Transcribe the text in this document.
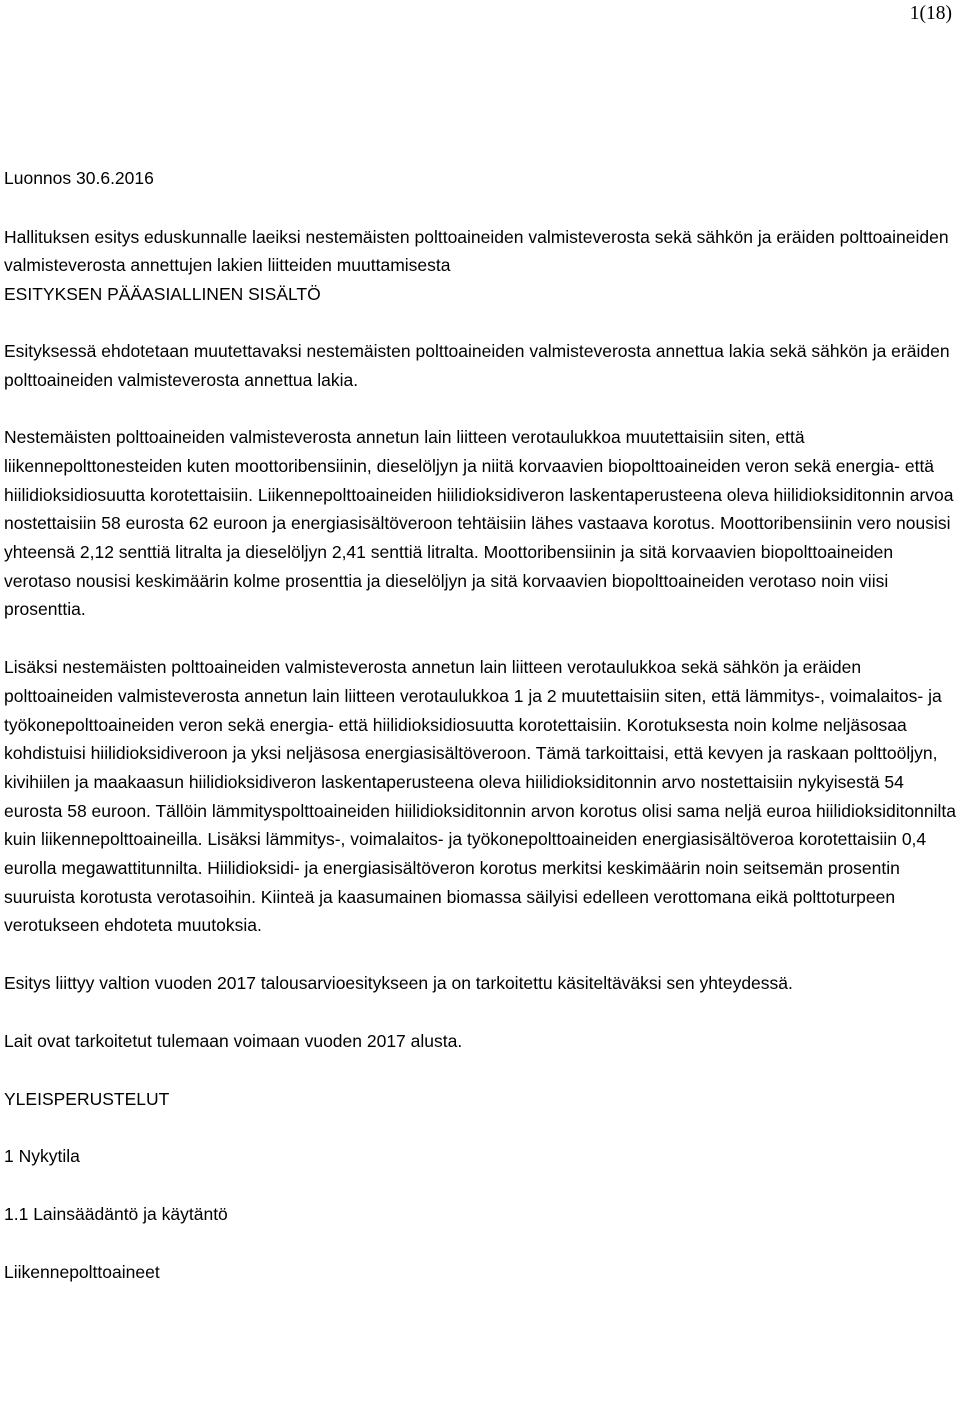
1(18)

Luonnos 30.6.2016

Hallituksen esitys eduskunnalle laeiksi nestemäisten polttoaineiden valmisteverosta sekä sähkön ja eräiden polttoaineiden valmisteverosta annettujen lakien liitteiden muuttamisesta

ESITYKSEN PÄÄASIALLINEN SISÄLTÖ

Esityksessä ehdotetaan muutettavaksi nestemäisten polttoaineiden valmisteverosta annettua lakia sekä sähkön ja eräiden polttoaineiden valmisteverosta annettua lakia.

Nestemäisten polttoaineiden valmisteverosta annetun lain liitteen verotaulukkoa muutettaisiin siten, että liikennepolttonesteiden kuten moottoribensiinin, dieselöljyn ja niitä korvaavien biopolttoaineiden veron sekä energia- että hiilidioksidiosuutta korotettaisiin. Liikennepolttoaineiden hiilidioksidiveron laskentaperusteena oleva hiilidioksiditonnin arvoa nostettaisiin 58 eurosta 62 euroon ja energiasisältöveroon tehtäisiin lähes vastaava korotus. Moottoribensiinin vero nousisi yhteensä 2,12 senttiä litralta ja dieselöljyn 2,41 senttiä litralta. Moottoribensiinin ja sitä korvaavien biopolttoaineiden verotaso nousisi keskimäärin kolme prosenttia ja dieselöljyn ja sitä korvaavien biopolttoaineiden verotaso noin viisi prosenttia.

Lisäksi nestemäisten polttoaineiden valmisteverosta annetun lain liitteen verotaulukkoa sekä sähkön ja eräiden polttoaineiden valmisteverosta annetun lain liitteen verotaulukkoa 1 ja 2 muutettaisiin siten, että lämmitys-, voimalaitos- ja työkonepolttoaineiden veron sekä energia- että hiilidioksidiosuutta korotettaisiin. Korotuksesta noin kolme neljäsosaa kohdistuisi hiilidioksidiveroon ja yksi neljäsosa energiasisältöveroon. Tämä tarkoittaisi, että kevyen ja raskaan polttoöljyn, kivihiilen ja maakaasun hiilidioksidiveron laskentaperusteena oleva hiilidioksiditonnin arvo nostettaisiin nykyisestä 54 eurosta 58 euroon. Tällöin lämmityspolttoaineiden hiilidioksiditonnin arvon korotus olisi sama neljä euroa hiilidioksiditonnilta kuin liikennepolttoaineilla. Lisäksi lämmitys-, voimalaitos- ja työkonepolttoaineiden energiasisältöveroa korotettaisiin 0,4 eurolla megawattitunnilta. Hiilidioksidi- ja energiasisältöveron korotus merkitsi keskimäärin noin seitsemän prosentin suuruista korotusta verotasoihin. Kiinteä ja kaasumainen biomassa säilyisi edelleen verottomana eikä polttoturpeen verotukseen ehdoteta muutoksia.

Esitys liittyy valtion vuoden 2017 talousarvioesitykseen ja on tarkoitettu käsiteltäväksi sen yhteydessä.

Lait ovat tarkoitetut tulemaan voimaan vuoden 2017 alusta.

YLEISPERUSTELUT

1 Nykytila

1.1 Lainsäädäntö ja käytäntö

Liikennepolttoaineet
